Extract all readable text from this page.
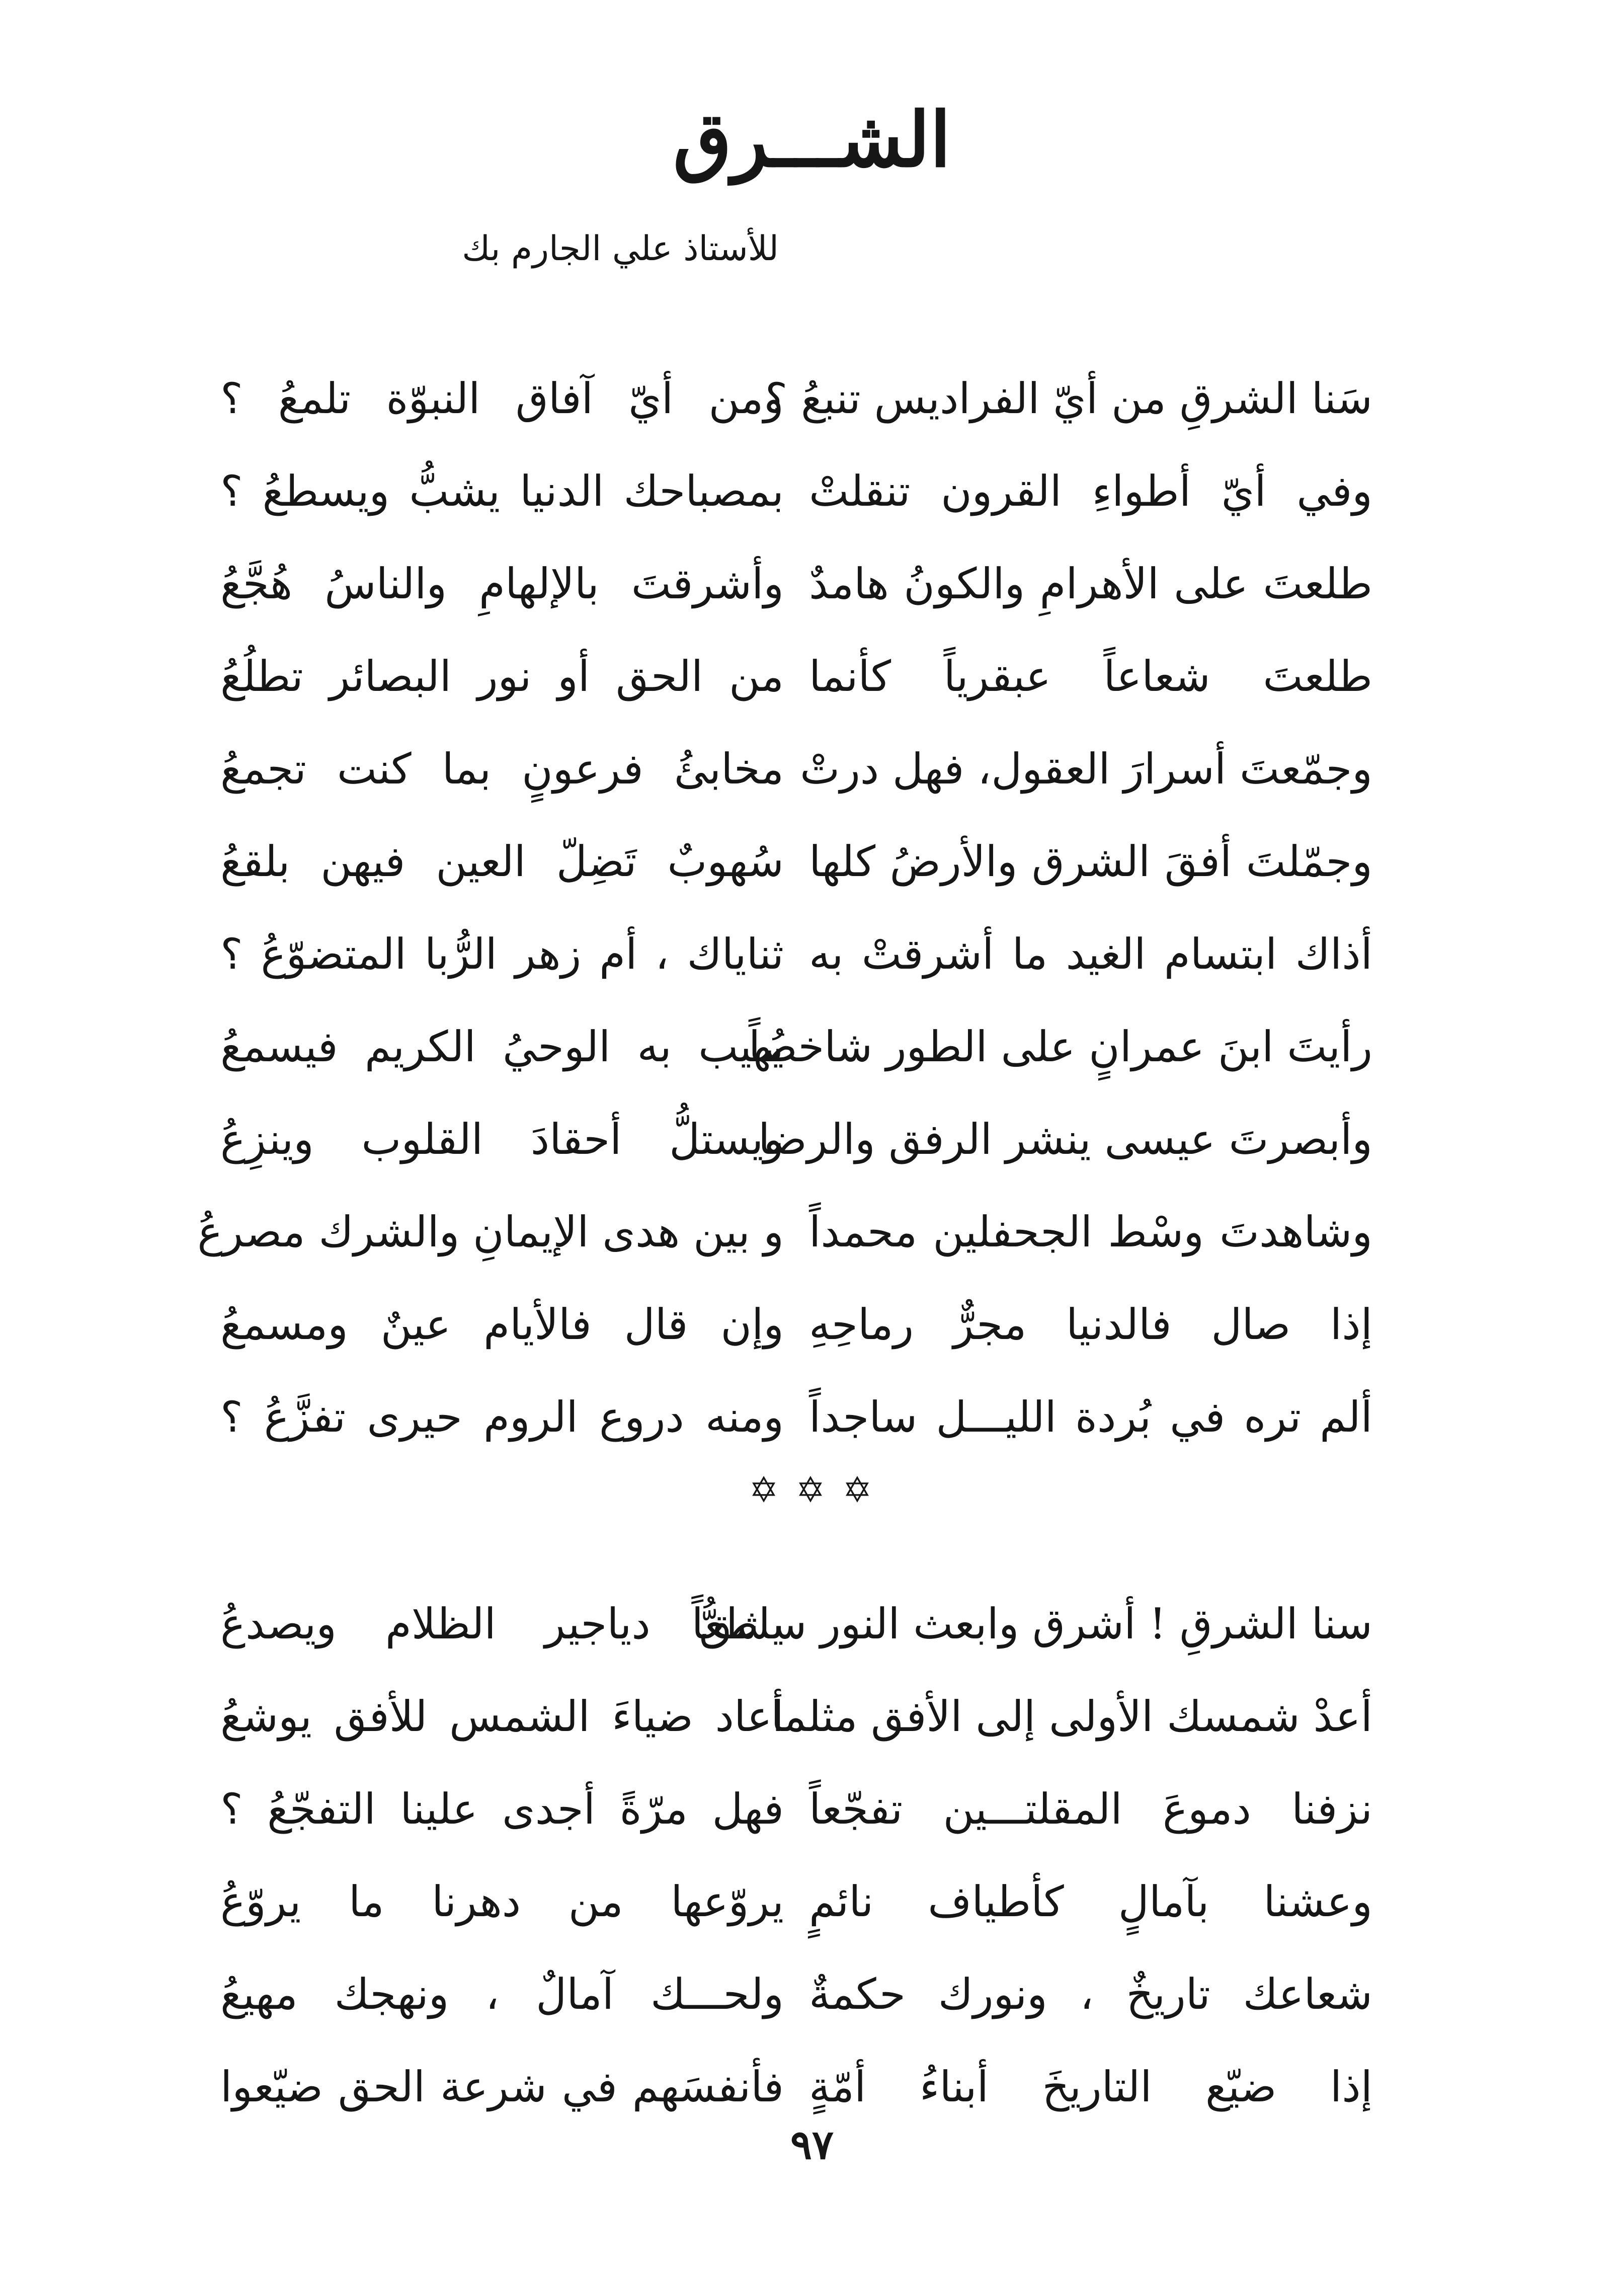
الشـــرق
للأستاذ علي الجارم بك
سَنا الشرقِ من أيّ الفراديس تنبعُ ؟
ومن أيّ آفاق النبوّة تلمعُ ؟
وفي أيّ أطواءِ القرون تنقلتْ
بمصباحك الدنيا يشبُّ ويسطعُ ؟
طلعتَ على الأهرامِ والكونُ هامدٌ
وأشرقتَ بالإلهامِ والناسُ هُجَّعُ
طلعتَ شعاعاً عبقرياً كأنما
من الحق أو نور البصائر تطلُعُ
وجمّعتَ أسرارَ العقول، فهل درتْ
مخابئُ فرعونٍ بما كنت تجمعُ
وجمّلتَ أفقَ الشرق والأرضُ كلها
سُهوبٌ تَضِلّ العين فيهن بلقعُ
أذاك ابتسام الغيد ما أشرقتْ به
ثناياك ، أم زهر الرُّبا المتضوّعُ ؟
رأيتَ ابنَ عمرانٍ على الطور شاخصاً
يُهيب به الوحيُ الكريم فيسمعُ
وأبصرتَ عيسى ينشر الرفق والرضا
ويستلُّ أحقادَ القلوب وينزِعُ
وشاهدتَ وسْط الجحفلين محمداً
و بين هدى الإيمانِ والشرك مصرعُ
إذا صال فالدنيا مجرٌّ رماحِهِ
وإن قال فالأيام عينٌ ومسمعُ
ألم تره في بُردة الليـــل ساجداً
ومنه دروع الروم حيرى تفزَّعُ ؟
✡ ✡ ✡
سنا الشرقِ ! أشرق وابعث النور ساطعاً
يشقُّ دياجير الظلام ويصدعُ
أعدْ شمسك الأولى إلى الأفق مثلما
أعاد ضياءَ الشمس للأفق يوشعُ
نزفنا دموعَ المقلتـــين تفجّعاً
فهل مرّةً أجدى علينا التفجّعُ ؟
وعشنا بآمالٍ كأطياف نائمٍ
يروّعها من دهرنا ما يروّعُ
شعاعك تاريخٌ ، ونورك حكمةٌ
ولحـــك آمالٌ ، ونهجك مهيعُ
إذا ضيّع التاريخَ أبناءُ أمّةٍ
فأنفسَهم في شرعة الحق ضيّعوا
٩٧
